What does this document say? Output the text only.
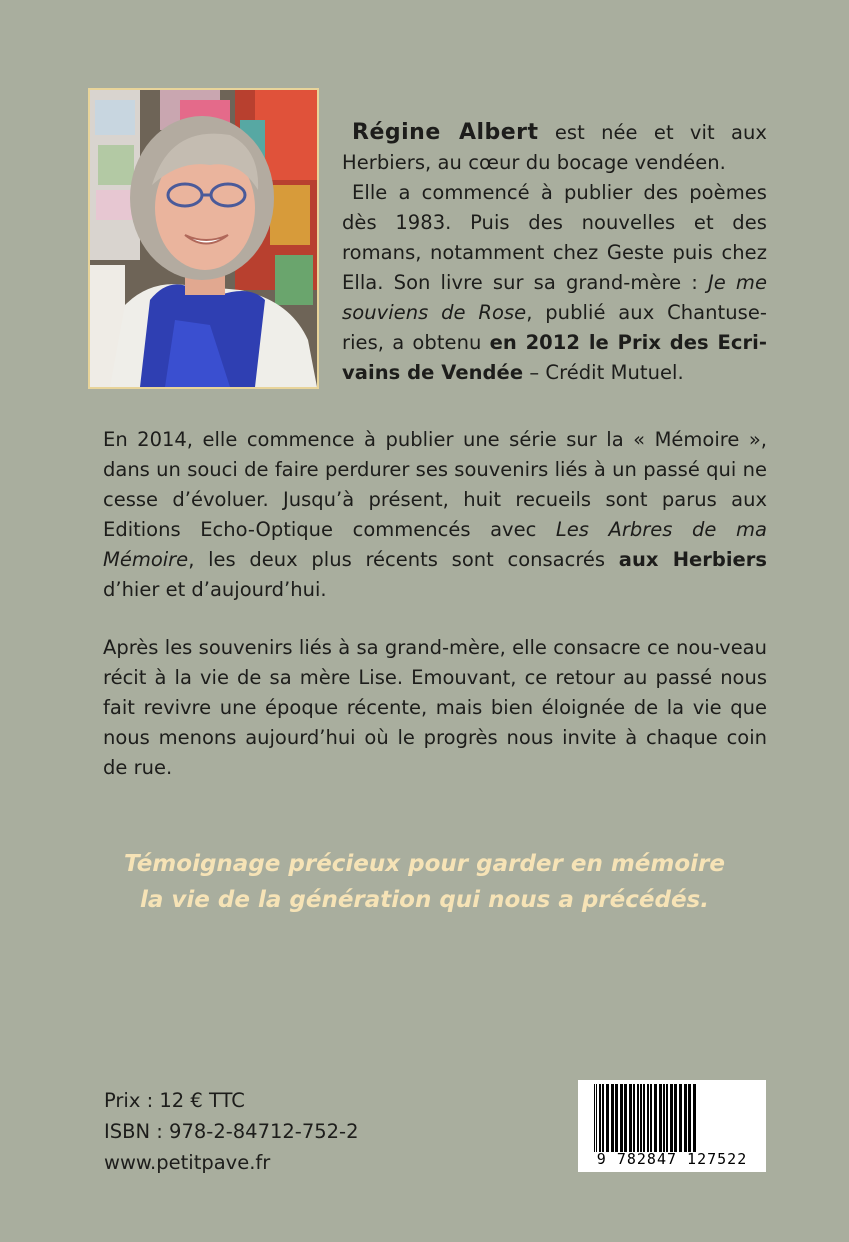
Régine Albert est née et vit aux Herbiers, au cœur du bocage vendéen.

Elle a commencé à publier des poèmes dès 1983. Puis des nouvelles et des romans, notamment chez Geste puis chez Ella. Son livre sur sa grand-mère : Je me souviens de Rose, publié aux Chantuse-ries, a obtenu en 2012 le Prix des Ecri-vains de Vendée – Crédit Mutuel.

En 2014, elle commence à publier une série sur la « Mémoire », dans un souci de faire perdurer ses souvenirs liés à un passé qui ne cesse d’évoluer. Jusqu’à présent, huit recueils sont parus aux Editions Echo-Optique commencés avec Les Arbres de ma Mémoire, les deux plus récents sont consacrés aux Herbiers d’hier et d’aujourd’hui.

Après les souvenirs liés à sa grand-mère, elle consacre ce nou-veau récit à la vie de sa mère Lise. Emouvant, ce retour au passé nous fait revivre une époque récente, mais bien éloignée de la vie que nous menons aujourd’hui où le progrès nous invite à chaque coin de rue.

Témoignage précieux pour garder en mémoire
la vie de la génération qui nous a précédés.

Prix : 12 € TTC
ISBN : 978-2-84712-752-2
www.petitpave.fr	9 782847 127522
